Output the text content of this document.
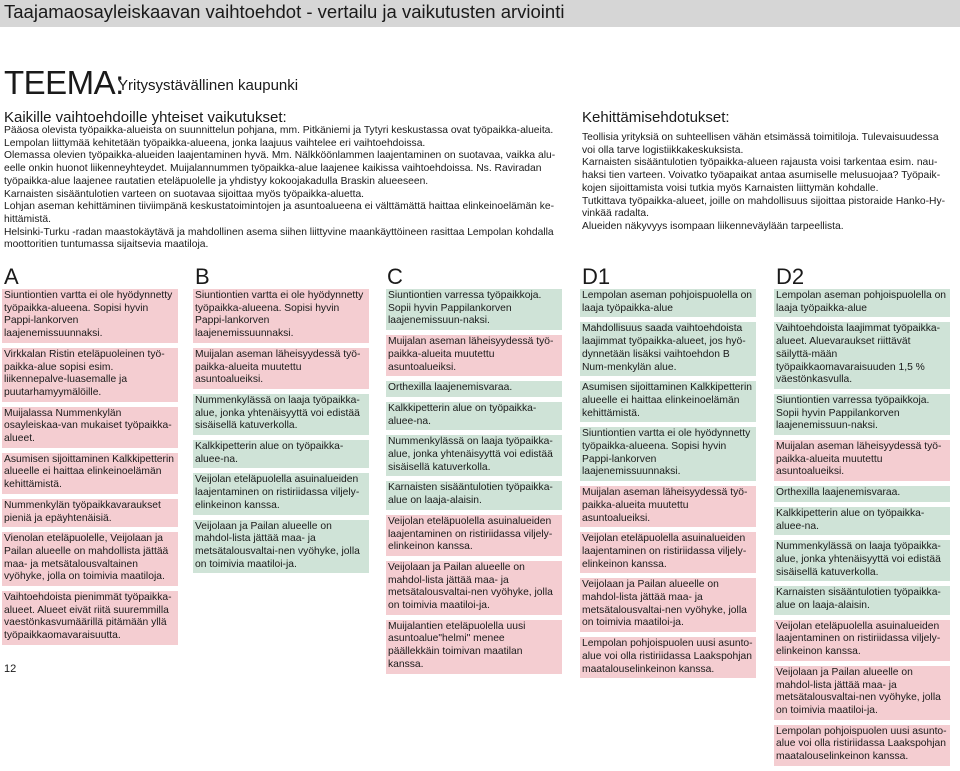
Taajamaosayleiskaavan vaihtoehdot - vertailu ja vaikutusten arviointi
TEEMA:
Yritysystävällinen kaupunki
Kaikille vaihtoehdoille yhteiset vaikutukset:

Pääosa olevista työpaikka-alueista on suunnittelun pohjana, mm. Pitkäniemi ja Tytyri keskustassa ovat työpaikka-alueita.

Lempolan liittymää kehitetään työpaikka-alueena, jonka laajuus vaihtelee eri vaihtoehdoissa.

Olemassa olevien työpaikka-alueiden laajentaminen hyvä. Mm. Nälkköönlammen laajentaminen on suotavaa, vaikka alu-eelle onkin huonot liikenneyhteydet. Muijalannummen työpaikka-alue laajenee kaikissa vaihtoehdoissa. Ns. Raviradan työpaikka-alue laajenee rautatien eteläpuolelle ja yhdistyy kokoojakadulla Braskin alueeseen.

Karnaisten sisääntulotien varteen on suotavaa sijoittaa myös työpaikka-aluetta.

Lohjan aseman kehittäminen tiiviimpänä keskustatoimintojen ja asuntoalueena ei välttämättä haittaa elinkeinoelämän ke-hittämistä.

Helsinki-Turku -radan maastokäytävä ja mahdollinen asema siihen liittyvine maankäyttöineen rasittaa Lempolan kohdalla moottoritien tuntumassa sijaitsevia maatiloja.

Kehittämisehdotukset:

Teollisia yrityksiä on suhteellisen vähän etsimässä toimitiloja. Tulevaisuudessa voi olla tarve logistiikkakeskuksista.

Karnaisten sisääntulotien työpaikka-alueen rajausta voisi tarkentaa esim. nau-haksi tien varteen. Voivatko työapaikat antaa asumiselle melusuojaa? Työpaik-kojen sijoittamista voisi tutkia myös Karnaisten liittymän kohdalle.

Tutkittava työpaikka-alueet, joille on mahdollisuus sijoittaa pistoraide Hanko-Hy-vinkää radalta.

Alueiden näkyvyys isompaan liikenneväylään tarpeellista.

A	B	C	D1	D2
Siuntiontien vartta ei ole hyödynnetty työpaikka-alueena. Sopisi hyvin Pappi-lankorven laajenemissuunnaksi.
Virkkalan Ristin eteläpuoleinen työ-paikka-alue sopisi esim. liikennepalve-luasemalle ja puutarhamyymälöille.
Muijalassa Nummenkylän osayleiskaa-van mukaiset työpaikka-alueet.
Asumisen sijoittaminen Kalkkipetterin alueelle ei haittaa elinkeinoelämän kehittämistä.
Nummenkylän työpaikkavaraukset pieniä ja epäyhtenäisiä.
Vienolan eteläpuolelle, Veijolaan ja Pailan alueelle on mahdollista jättää maa- ja metsätalousvaltainen vyöhyke, jolla on toimivia maatiloja.
Vaihtoehdoista pienimmät työpaikka-alueet. Alueet eivät riitä suuremmilla vaestönkasvumäärillä pitämään yllä työpaikkaomavaraisuutta.
Siuntiontien vartta ei ole hyödynnetty työpaikka-alueena. Sopisi hyvin Pappi-lankorven laajenemissuunnaksi.
Muijalan aseman läheisyydessä työ-paikka-alueita muutettu asuntoalueiksi.
Nummenkylässä on laaja työpaikka-alue, jonka yhtenäisyyttä voi edistää sisäisellä katuverkolla.
Kalkkipetterin alue on työpaikka-aluee-na.
Veijolan eteläpuolella asuinalueiden laajentaminen on ristiriidassa viljely-elinkeinon kanssa.
Veijolaan ja Pailan alueelle on mahdol-lista jättää maa- ja metsätalousvaltai-nen vyöhyke, jolla on toimivia maatiloi-ja.
Siuntiontien varressa työpaikkoja. Sopii hyvin Pappilankorven laajenemissuun-naksi.
Muijalan aseman läheisyydessä työ-paikka-alueita muutettu asuntoalueiksi.
Orthexilla laajenemisvaraa.
Kalkkipetterin alue on työpaikka-aluee-na.
Nummenkylässä on laaja työpaikka-alue, jonka yhtenäisyyttä voi edistää sisäisellä katuverkolla.
Karnaisten sisääntulotien työpaikka-alue on laaja-alaisin.
Veijolan eteläpuolella asuinalueiden laajentaminen on ristiriidassa viljely-elinkeinon kanssa.
Veijolaan ja Pailan alueelle on mahdol-lista jättää maa- ja metsätalousvaltai-nen vyöhyke, jolla on toimivia maatiloi-ja.
Muijalantien eteläpuolella uusi asuntoalue"helmi" menee päällekkäin toimivan maatilan kanssa.
Lempolan aseman pohjoispuolella on laaja työpaikka-alue
Mahdollisuus saada vaihtoehdoista laajimmat työpaikka-alueet, jos hyö-dynnetään lisäksi vaihtoehdon B Num-menkylän alue.
Asumisen sijoittaminen Kalkkipetterin alueelle ei haittaa elinkeinoelämän kehittämistä.
Siuntiontien vartta ei ole hyödynnetty työpaikka-alueena. Sopisi hyvin Pappi-lankorven laajenemissuunnaksi.
Muijalan aseman läheisyydessä työ-paikka-alueita muutettu asuntoalueiksi.
Veijolan eteläpuolella asuinalueiden laajentaminen on ristiriidassa viljely-elinkeinon kanssa.
Veijolaan ja Pailan alueelle on mahdol-lista jättää maa- ja metsätalousvaltai-nen vyöhyke, jolla on toimivia maatiloi-ja.
Lempolan pohjoispuolen uusi asunto-alue voi olla ristiriidassa Laakspohjan maatalouselinkeinon kanssa.
Lempolan aseman pohjoispuolella on laaja työpaikka-alue
Vaihtoehdoista laajimmat työpaikka-alueet. Aluevaraukset riittävät säilyttä-mään työpaikkaomavaraisuuden 1,5 % väestönkasvulla.
Siuntiontien varressa työpaikkoja. Sopii hyvin Pappilankorven laajenemissuun-naksi.
Muijalan aseman läheisyydessä työ-paikka-alueita muutettu asuntoalueiksi.
Orthexilla laajenemisvaraa.
Kalkkipetterin alue on työpaikka-aluee-na.
Nummenkylässä on laaja työpaikka-alue, jonka yhtenäisyyttä voi edistää sisäisellä katuverkolla.
Karnaisten sisääntulotien työpaikka-alue on laaja-alaisin.
Veijolan eteläpuolella asuinalueiden laajentaminen on ristiriidassa viljely-elinkeinon kanssa.
Veijolaan ja Pailan alueelle on mahdol-lista jättää maa- ja metsätalousvaltai-nen vyöhyke, jolla on toimivia maatiloi-ja.
Lempolan pohjoispuolen uusi asunto-alue voi olla ristiriidassa Laakspohjan maatalouselinkeinon kanssa.
12
